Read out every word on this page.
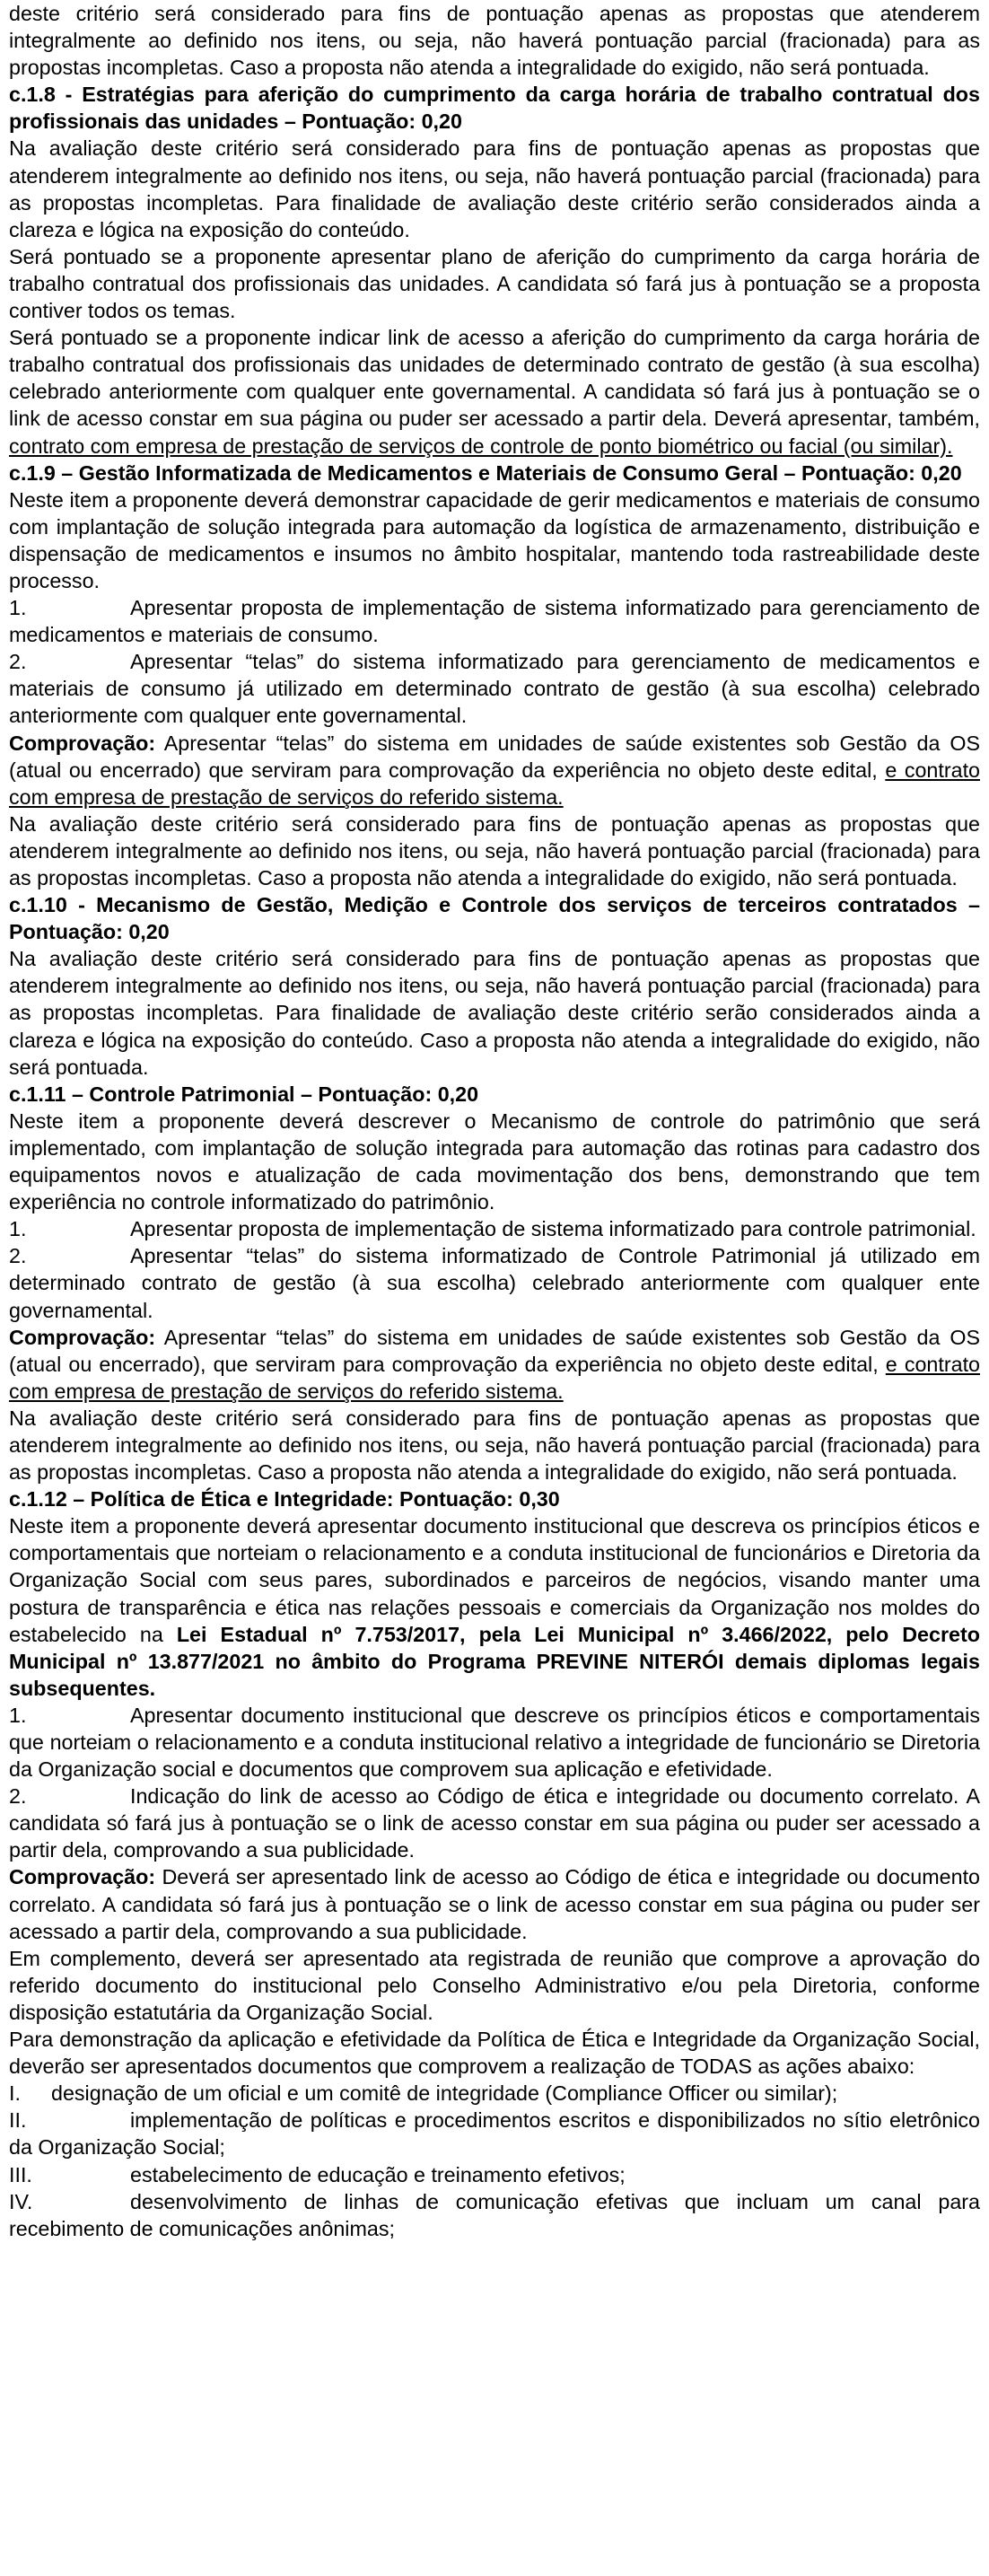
deste critério será considerado para fins de pontuação apenas as propostas que atenderem integralmente ao definido nos itens, ou seja, não haverá pontuação parcial (fracionada) para as propostas incompletas. Caso a proposta não atenda a integralidade do exigido, não será pontuada.

c.1.8 - Estratégias para aferição do cumprimento da carga horária de trabalho contratual dos profissionais das unidades – Pontuação: 0,20

Na avaliação deste critério será considerado para fins de pontuação apenas as propostas que atenderem integralmente ao definido nos itens, ou seja, não haverá pontuação parcial (fracionada) para as propostas incompletas. Para finalidade de avaliação deste critério serão considerados ainda a clareza e lógica na exposição do conteúdo.

Será pontuado se a proponente apresentar plano de aferição do cumprimento da carga horária de trabalho contratual dos profissionais das unidades. A candidata só fará jus à pontuação se a proposta contiver todos os temas.

Será pontuado se a proponente indicar link de acesso a aferição do cumprimento da carga horária de trabalho contratual dos profissionais das unidades de determinado contrato de gestão (à sua escolha) celebrado anteriormente com qualquer ente governamental. A candidata só fará jus à pontuação se o link de acesso constar em sua página ou puder ser acessado a partir dela. Deverá apresentar, também, contrato com empresa de prestação de serviços de controle de ponto biométrico ou facial (ou similar).

c.1.9 – Gestão Informatizada de Medicamentos e Materiais de Consumo Geral – Pontuação: 0,20

Neste item a proponente deverá demonstrar capacidade de gerir medicamentos e materiais de consumo com implantação de solução integrada para automação da logística de armazenamento, distribuição e dispensação de medicamentos e insumos no âmbito hospitalar, mantendo toda rastreabilidade deste processo.

1.	Apresentar proposta de implementação de sistema informatizado para gerenciamento de medicamentos e materiais de consumo.

2.	Apresentar “telas” do sistema informatizado para gerenciamento de medicamentos e materiais de consumo já utilizado em determinado contrato de gestão (à sua escolha) celebrado anteriormente com qualquer ente governamental.

Comprovação: Apresentar “telas” do sistema em unidades de saúde existentes sob Gestão da OS (atual ou encerrado) que serviram para comprovação da experiência no objeto deste edital, e contrato com empresa de prestação de serviços do referido sistema.

Na avaliação deste critério será considerado para fins de pontuação apenas as propostas que atenderem integralmente ao definido nos itens, ou seja, não haverá pontuação parcial (fracionada) para as propostas incompletas. Caso a proposta não atenda a integralidade do exigido, não será pontuada.

c.1.10 - Mecanismo de Gestão, Medição e Controle dos serviços de terceiros contratados – Pontuação: 0,20

Na avaliação deste critério será considerado para fins de pontuação apenas as propostas que atenderem integralmente ao definido nos itens, ou seja, não haverá pontuação parcial (fracionada) para as propostas incompletas. Para finalidade de avaliação deste critério serão considerados ainda a clareza e lógica na exposição do conteúdo. Caso a proposta não atenda a integralidade do exigido, não será pontuada.

c.1.11 – Controle Patrimonial – Pontuação: 0,20

Neste item a proponente deverá descrever o Mecanismo de controle do patrimônio que será implementado, com implantação de solução integrada para automação das rotinas para cadastro dos equipamentos novos e atualização de cada movimentação dos bens, demonstrando que tem experiência no controle informatizado do patrimônio.

1.	Apresentar proposta de implementação de sistema informatizado para controle patrimonial.

2.	Apresentar “telas” do sistema informatizado de Controle Patrimonial já utilizado em determinado contrato de gestão (à sua escolha) celebrado anteriormente com qualquer ente governamental.

Comprovação: Apresentar “telas” do sistema em unidades de saúde existentes sob Gestão da OS (atual ou encerrado), que serviram para comprovação da experiência no objeto deste edital, e contrato com empresa de prestação de serviços do referido sistema.

Na avaliação deste critério será considerado para fins de pontuação apenas as propostas que atenderem integralmente ao definido nos itens, ou seja, não haverá pontuação parcial (fracionada) para as propostas incompletas. Caso a proposta não atenda a integralidade do exigido, não será pontuada.

c.1.12 – Política de Ética e Integridade: Pontuação: 0,30

Neste item a proponente deverá apresentar documento institucional que descreva os princípios éticos e comportamentais que norteiam o relacionamento e a conduta institucional de funcionários e Diretoria da Organização Social com seus pares, subordinados e parceiros de negócios, visando manter uma postura de transparência e ética nas relações pessoais e comerciais da Organização nos moldes do estabelecido na Lei Estadual nº 7.753/2017, pela Lei Municipal nº 3.466/2022, pelo Decreto Municipal nº 13.877/2021 no âmbito do Programa PREVINE NITERÓI demais diplomas legais subsequentes.

1.	Apresentar documento institucional que descreve os princípios éticos e comportamentais que norteiam o relacionamento e a conduta institucional relativo a integridade de funcionário se Diretoria da Organização social e documentos que comprovem sua aplicação e efetividade.

2.	Indicação do link de acesso ao Código de ética e integridade ou documento correlato. A candidata só fará jus à pontuação se o link de acesso constar em sua página ou puder ser acessado a partir dela, comprovando a sua publicidade.

Comprovação: Deverá ser apresentado link de acesso ao Código de ética e integridade ou documento correlato. A candidata só fará jus à pontuação se o link de acesso constar em sua página ou puder ser acessado a partir dela, comprovando a sua publicidade.

Em complemento, deverá ser apresentado ata registrada de reunião que comprove a aprovação do referido documento do institucional pelo Conselho Administrativo e/ou pela Diretoria, conforme disposição estatutária da Organização Social.

Para demonstração da aplicação e efetividade da Política de Ética e Integridade da Organização Social, deverão ser apresentados documentos que comprovem a realização de TODAS as ações abaixo:

I. designação de um oficial e um comitê de integridade (Compliance Officer ou similar);

II.	implementação de políticas e procedimentos escritos e disponibilizados no sítio eletrônico da Organização Social;

III.	estabelecimento de educação e treinamento efetivos;

IV.	desenvolvimento de linhas de comunicação efetivas que incluam um canal para recebimento de comunicações anônimas;
